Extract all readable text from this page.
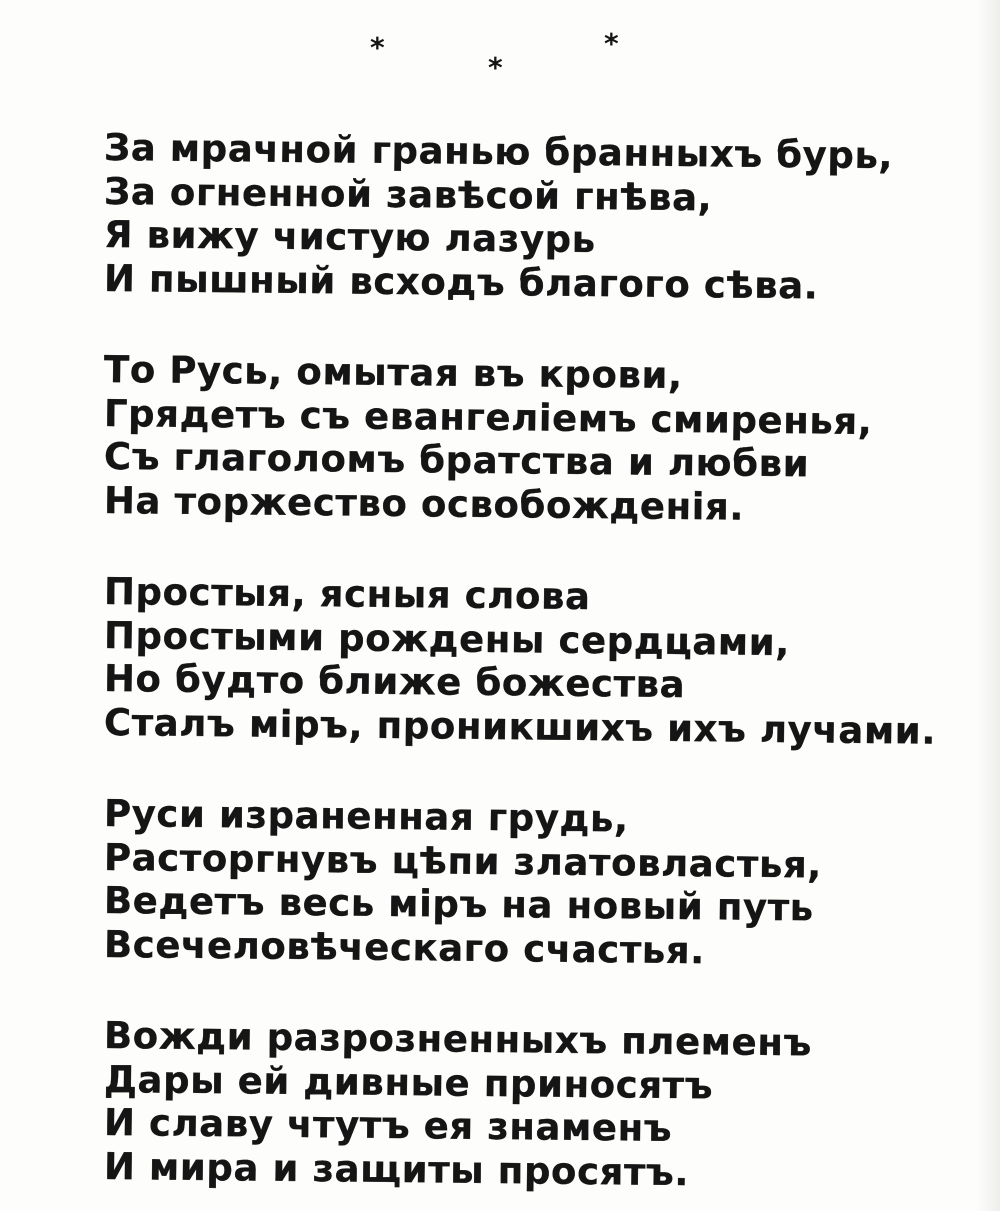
*
*
*
За мрачной гранью бранныхъ бурь,
За огненной завѣсой гнѣва,
Я вижу чистую лазурь
И пышный всходъ благого сѣва.
То Русь, омытая въ крови,
Грядетъ съ евангеліемъ смиренья,
Съ глаголомъ братства и любви
На торжество освобожденія.
Простыя, ясныя слова
Простыми рождены сердцами,
Но будто ближе божества
Сталъ міръ, проникшихъ ихъ лучами.
Руси израненная грудь,
Расторгнувъ цѣпи златовластья,
Ведетъ весь міръ на новый путь
Всечеловѣческаго счастья.
Вожди разрозненныхъ племенъ
Дары ей дивные приносятъ
И славу чтутъ ея знаменъ
И мира и защиты просятъ.
